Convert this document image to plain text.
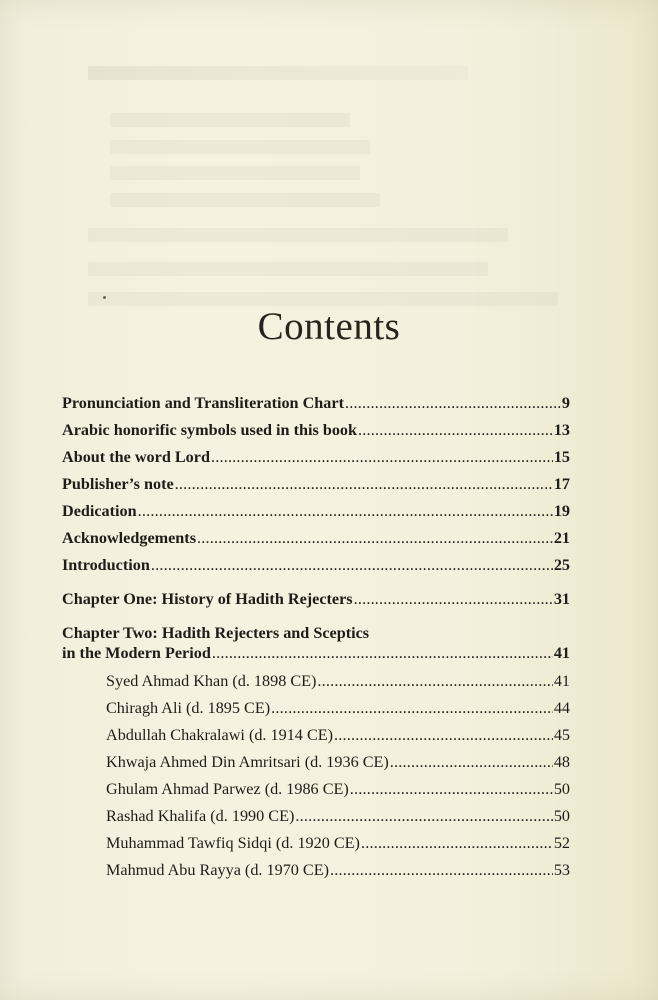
Contents
Pronunciation and Transliteration Chart .....	9
Arabic honorific symbols used in this book .....	13
About the word Lord .....	15
Publisher’s note .....	17
Dedication .....	19
Acknowledgements .....	21
Introduction .....	25
Chapter One: History of Hadith Rejecters .....	31
Chapter Two: Hadith Rejecters and Sceptics
in the Modern Period .....	41
Syed Ahmad Khan (d. 1898 CE) .....	41
Chiragh Ali (d. 1895 CE) .....	44
Abdullah Chakralawi (d. 1914 CE) .....	45
Khwaja Ahmed Din Amritsari (d. 1936 CE) .....	48
Ghulam Ahmad Parwez (d. 1986 CE) .....	50
Rashad Khalifa (d. 1990 CE) .....	50
Muhammad Tawfiq Sidqi (d. 1920 CE) .....	52
Mahmud Abu Rayya (d. 1970 CE) .....	53
